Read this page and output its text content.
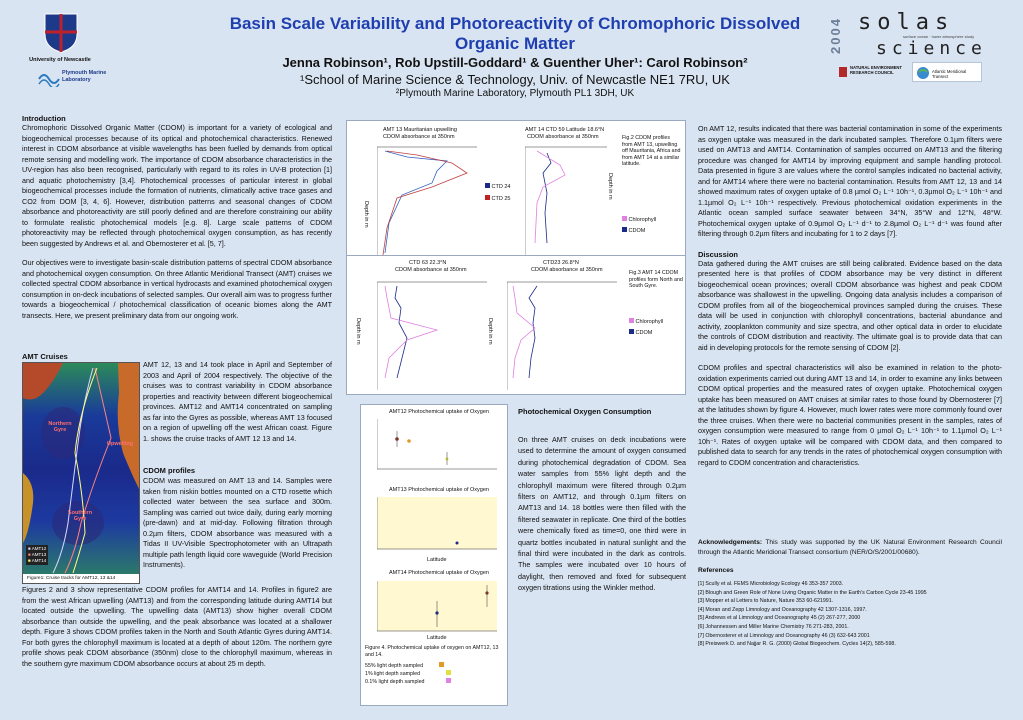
University of Newcastle
Plymouth Marine Laboratory
Basin Scale Variability and Photoreactivity of Chromophoric Dissolved
Organic Matter
Jenna Robinson¹, Rob Upstill-Goddard¹ & Guenther Uher¹: Carol Robinson²
¹School of Marine Science & Technology, Univ. of Newcastle NE1 7RU, UK
²Plymouth Marine Laboratory, Plymouth PL1 3DH, UK
2004 solas
surface ocean · lower atmosphere study
science
NATURAL ENVIRONMENT RESEARCH COUNCIL	Atlantic Meridional Transect
Introduction
Chromophoric Dissolved Organic Matter (CDOM) is important for a variety of ecological and biogeochemical processes because of its optical and photochemical characteristics. Renewed interest in CDOM absorbance at visible wavelengths has been fuelled by demands from optical remote sensing and modelling work. The importance of CDOM absorbance characteristics in the UV-region has also been recognised, particularly with regard to its roles in UV-B protection [1] and aquatic photochemistry [3,4]. Photochemical processes of particular interest in global biogeochemical processes include the formation of nutrients, climatically active trace gases and CO2 from DOM [3, 4, 6]. However, distribution patterns and seasonal changes of CDOM absorbance and photoreactivity are still poorly defined and are therefore constraining our ability to formulate realistic photochemical models [e.g. 8]. Large scale patterns of CDOM photoreactivity may be reflected through photochemical oxygen consumption, as has recently been suggested by Andrews et al. and Obernosterer et al. [5, 7].
Our objectives were to investigate basin-scale distribution patterns of spectral CDOM absorbance and photochemical oxygen consumption. On three Atlantic Meridional Transect (AMT) cruises we collected spectral CDOM absorbance in vertical hydrocasts and examined photochemical oxygen consumption in on-deck incubations of selected samples. Our overall aim was to progress further towards a biogeochemical / photochemical classification of oceanic biomes along the AMT transects. Here, we present preliminary data from our ongoing work.
AMT Cruises
Northern Gyre
Upwelling
Southern Gyre
■ AMT12
■ AMT13
■ AMT14
Figure1: Cruise tracks for AMT12, 13 &14
AMT 12, 13 and 14 took place in April and September of 2003 and April of 2004 respectively. The objective of the cruises was to contrast variability in CDOM absorbance properties and reactivity between different biogeochemical provinces. AMT12 and AMT14 concentrated on sampling as far into the Gyres as possible, whereas AMT 13 focused on a region of upwelling off the west African coast. Figure 1. shows the cruise tracks of AMT 12 13 and 14.
CDOM profiles
CDOM was measured on AMT 13 and 14. Samples were taken from niskin bottles mounted on a CTD rosette which collected water between the sea surface and 300m. Sampling was carried out twice daily, during early morning (pre-dawn) and at mid-day. Following filtration through 0.2µm filters, CDOM absorbance was measured with a Tidas II UV-Visible Spectrophotometer with an Ultrapath multiple path length liquid core waveguide (World Precision Instruments).
Figures 2 and 3 show representative CDOM profiles for AMT14 and 14. Profiles in figure2 are from the west African upwelling (AMT13) and from the corresponding latitude during AMT14 but located outside the upwelling. The upwelling data (AMT13) show higher overall CDOM absorbance than outside the upwelling, and the peak absorbance was located at a shallower depth. Figure 3 shows CDOM profiles taken in the North and South Atlantic Gyres during AMT14. For both gyres the chlorophyll maximum is located at a depth of about 120m. The northern gyre profile shows peak CDOM absorbance (350nm) close to the chlorophyll maximum, whereas in the southern gyre maximum CDOM absorbance occurs at about 25 m depth.
AMT 13 Mauritanian upwelling
CDOM absorbance at 350nm
Depth in m
CTD 24
CTD 25
AMT 14 CTD 59 Latitude 18.6°N
CDOM absorbance at 350nm
Depth in m
Fig.2 CDOM profiles from AMT 13, upwelling off Mauritania, Africa and from AMT 14 at a similar latitude.
Chlorophyll
CDOM
CTD 63 22.3°N
CDOM absorbance at 350nm
Depth in m
CTD23 26.8°N
CDOM absorbance at 350nm
Depth in m
Fig.3 AMT 14 CDOM profiles form North and South Gyre.
Chlorophyll
CDOM
AMT12 Photochemical uptake of Oxygen
AMT13 Photochemical uptake of Oxygen
Latitude
AMT14 Photochemical uptake of Oxygen
Latitude
Figure 4. Photochemical uptake of oxygen on AMT12, 13 and 14.
55% light depth sampled
1% light depth sampled
0.1% light depth sampled
Photochemical Oxygen Consumption
On three AMT cruises on deck incubations were used to determine the amount of oxygen consumed during photochemical degradation of CDOM. Sea water samples from 55% light depth and the chlorophyll maximum were filtered through 0.2µm filters on AMT12, and through 0.1µm filters on AMT13 and 14. 18 bottles were then filled with the filtered seawater in replicate. One third of the bottles were chemically fixed as time=0, one third were in quartz bottles incubated in natural sunlight and the final third were incubated in the dark as controls. The samples were incubated over 10 hours of daylight, then removed and fixed for subsequent oxygen titrations using the Winkler method.
On AMT 12, results indicated that there was bacterial contamination in some of the experiments as oxygen uptake was measured in the dark incubated samples. Therefore 0.1µm filters were used on AMT13 and AMT14. Contamination of samples occurred on AMT13 and the filtering procedure was changed for AMT14 by improving equipment and sample handling protocol. Data presented in figure 3 are values where the control samples indicated no bacterial activity, and for AMT14 where there were no bacterial contamination. Results from AMT 12, 13 and 14 showed maximum rates of oxygen uptake of 0.8 µmol O₂ L⁻¹ 10h⁻¹, 0.3µmol O₂ L⁻¹ 10h⁻¹ and 1.1µmol O₂ L⁻¹ 10h⁻¹ respectively. Previous photochemical oxidation experiments in the Atlantic ocean sampled surface seawater between 34°N, 35°W and 12°N, 48°W. Photochemical oxygen uptake of 0.9µmol O₂ L⁻¹ d⁻¹ to 2.8µmol O₂ L⁻¹ d⁻¹ was found after filtering through 0.2µm filters and incubating for 1 to 2 days [7].
Discussion
Data gathered during the AMT cruises are still being calibrated. Evidence based on the data presented here is that profiles of CDOM absorbance may be very distinct in different biogeochemical ocean provinces; overall CDOM absorbance was highest and peak CDOM absorbance was shallowest in the upwelling. Ongoing data analysis includes a comparison of CDOM profiles from all of the biogeochemical provinces sampled during the cruises. These data will be used in conjunction with chlorophyll concentrations, bacterial abundance and activity, zooplankton community and size spectra, and other optical data in order to elucidate the controls of CDOM distribution and reactivity. The ultimate goal is to provide data that can aid in developing protocols for the remote sensing of CDOM [2].
CDOM profiles and spectral characteristics will also be examined in relation to the photo-oxidation experiments carried out during AMT 13 and 14, in order to examine any links between CDOM optical properties and the measured rates of oxygen uptake. Photochemical oxygen uptake has been measured on AMT cruises at similar rates to those found by Obernosterer [7] at the latitudes shown by figure 4. However, much lower rates were more commonly found over the three cruises. When there were no bacterial communities present in the samples, rates of oxygen consumption were measured to range from 0 µmol O₂ L⁻¹ 10h⁻¹ to 1.1µmol O₂ L⁻¹ 10h⁻¹. Rates of oxygen uptake will be compared with CDOM data, and then compared to published data to search for any trends in the rates of photochemical oxygen consumption with regard to CDOM concentration and characteristics.
Acknowledgements: This study was supported by the UK Natural Environment Research Council through the Atlantic Meridional Transect consortium (NER/O/S/2001/00680).
References
[1] Scully et al. FEMS Microbiology Ecology 46 353-357 2003.
[2] Blough and Green Role of None Living Organic Matter in the Earth's Carbon Cycle 23-45 1995
[3] Mopper et al Letters to Nature, Nature 353 60-621991.
[4] Moran and Zepp Limnology and Oceanography 42 1307-1316, 1997.
[5] Andrews et al Limnology and Oceanography 45 (2) 267-277, 2000
[6] Johannessen and Miller Marine Chemistry 76 271-283, 2001.
[7] Obernosterer et al Limnology and Oceanography 46 (3) 632-643 2001
[8] Preiswerk D. and Najjar R. G. (2000) Global Biogeochem. Cycles 14(2), 585-598.
